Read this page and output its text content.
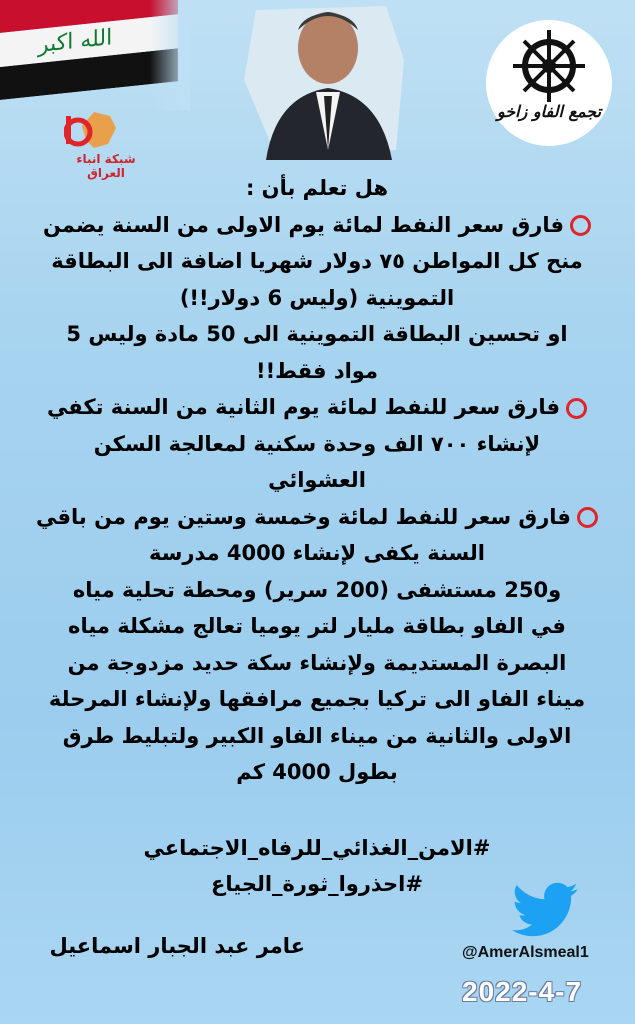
الله اكبر
شبكة انباء العراق
تجمع الفاو زاخو

هل تعلم بأن :

فارق سعر النفط لمائة يوم الاولى من السنة يضمن

منح كل المواطن ٧٥ دولار شهريا اضافة الى البطاقة

التموينية (وليس 6 دولار!!)

او تحسين البطاقة التموينية الى 50 مادة وليس 5

مواد فقط!!

فارق سعر للنفط لمائة يوم الثانية من السنة تكفي

لإنشاء ٧٠٠ الف وحدة سكنية لمعالجة السكن

العشوائي

فارق سعر للنفط لمائة وخمسة وستين يوم من باقي

السنة يكفى لإنشاء 4000 مدرسة

و250 مستشفى (200 سرير) ومحطة تحلية مياه

في الفاو بطاقة مليار لتر يوميا تعالج مشكلة مياه

البصرة المستديمة ولإنشاء سكة حديد مزدوجة من

ميناء الفاو الى تركيا بجميع مرافقها ولإنشاء المرحلة

الاولى والثانية من ميناء الفاو الكبير ولتبليط طرق

بطول 4000 كم

#الامن_الغذائي_للرفاه_الاجتماعي
#احذروا_ثورة_الجياع
عامر عبد الجبار اسماعيل	@AmerAlsmeal1
2022-4-7
